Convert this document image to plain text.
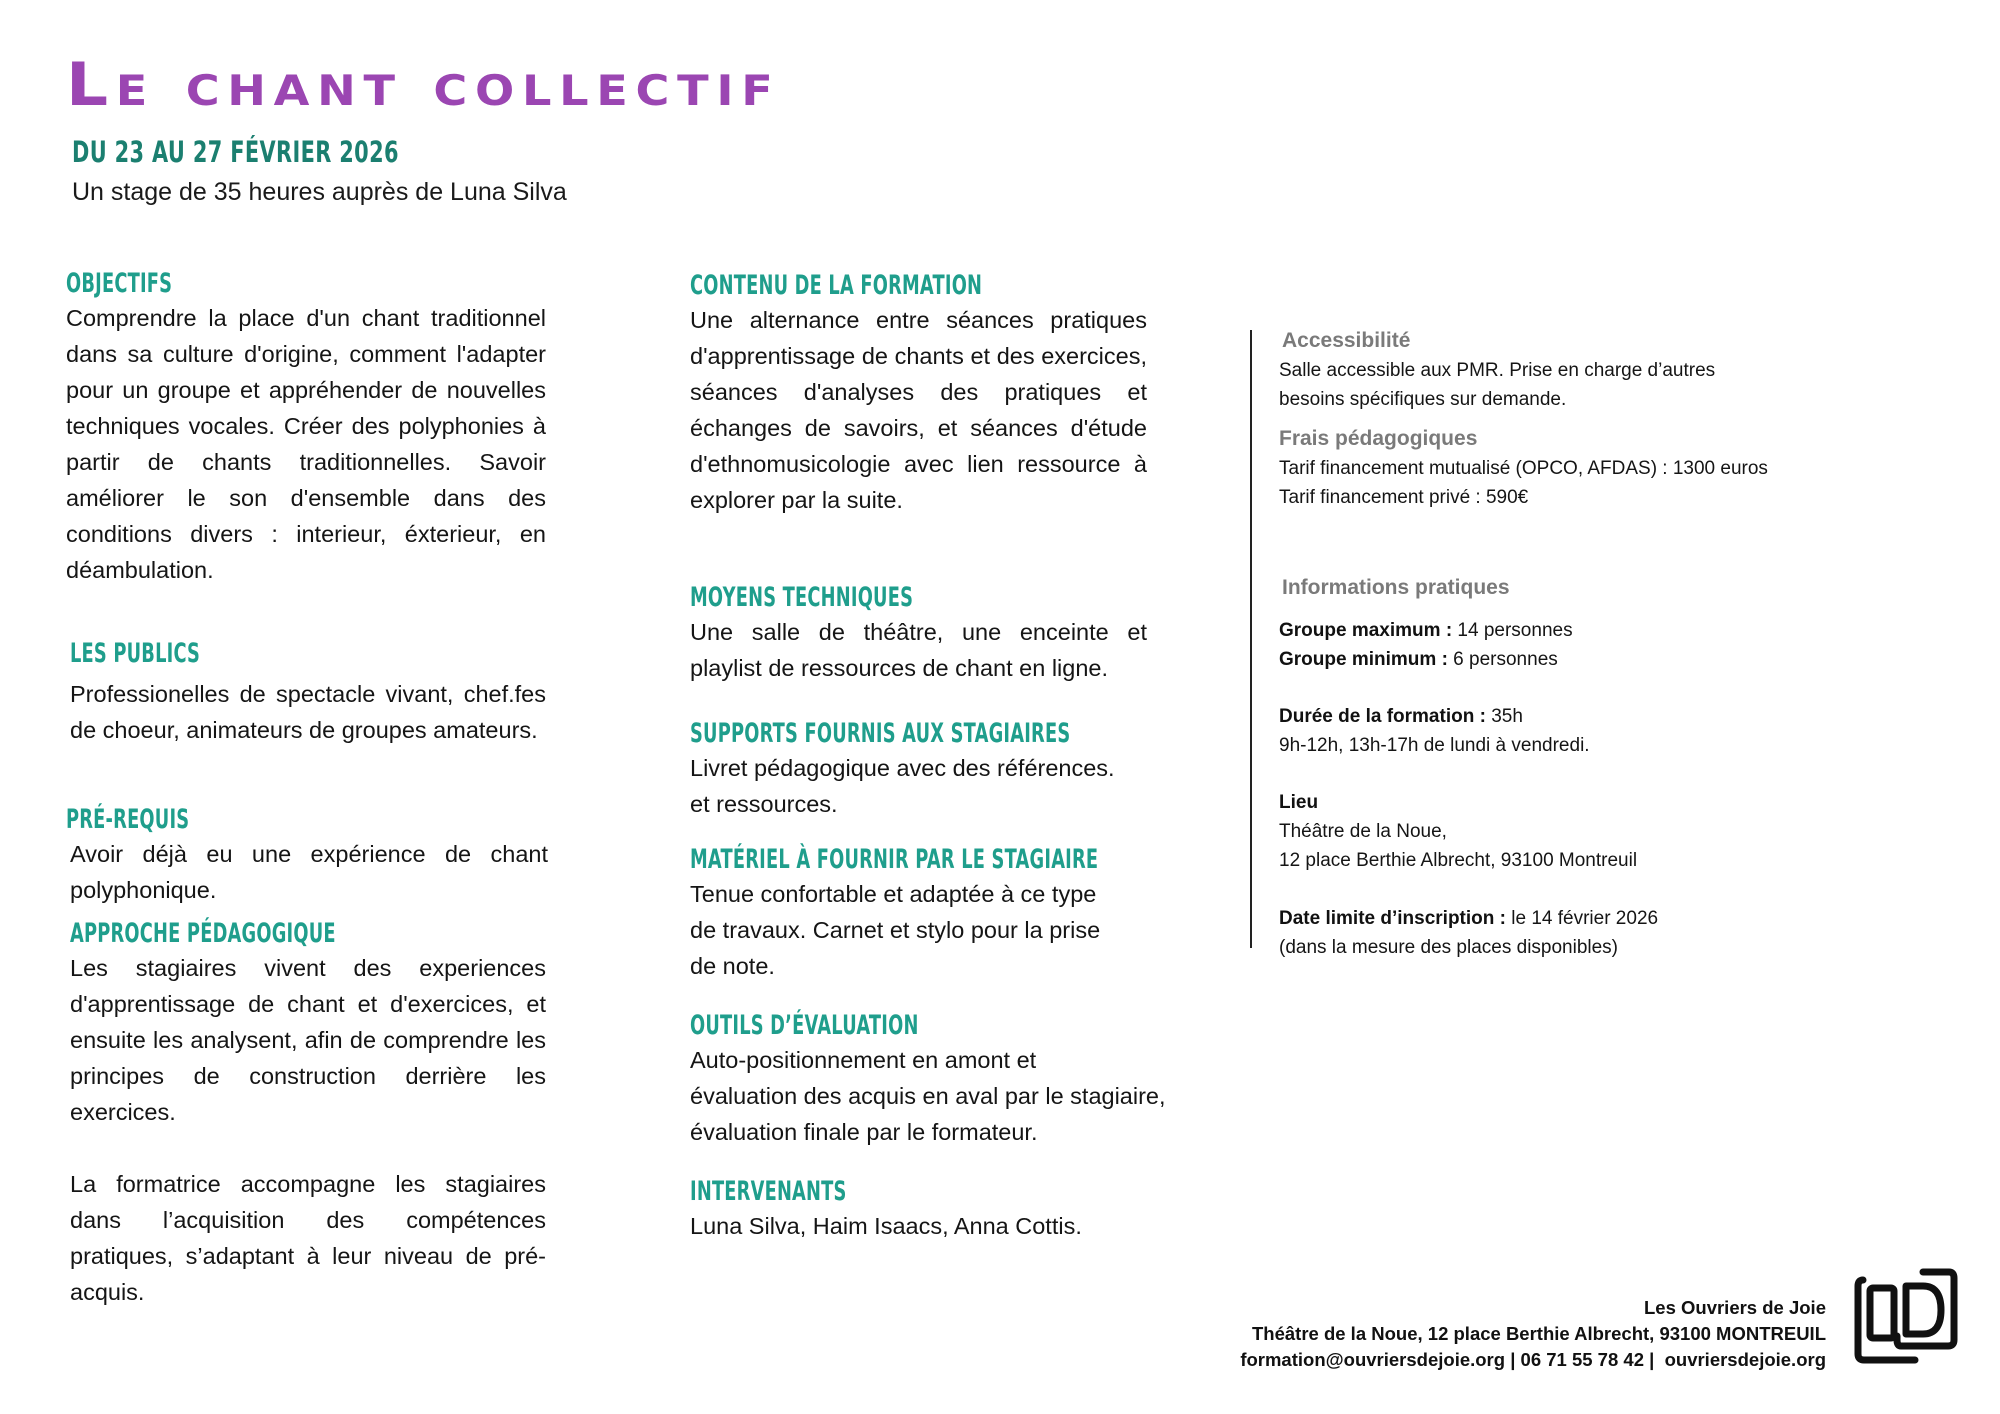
Le chant collectif
DU 23 AU 27 FÉVRIER 2026
Un stage de 35 heures auprès de Luna Silva
OBJECTIFS

Comprendre la place d'un chant traditionnel dans sa culture d'origine, comment l'adapter pour un groupe et appréhender de nouvelles techniques vocales. Créer des polyphonies à partir de chants traditionnelles. Savoir améliorer le son d'ensemble dans des conditions divers : interieur, éxterieur, en déambulation.

LES PUBLICS

Professionelles de spectacle vivant, chef.fes de choeur, animateurs de groupes amateurs.

PRÉ-REQUIS

Avoir déjà eu une expérience de chant polyphonique.

APPROCHE PÉDAGOGIQUE

Les stagiaires vivent des experiences d'apprentissage de chant et d'exercices, et ensuite les analysent, afin de comprendre les principes de construction derrière les exercices.

La formatrice accompagne les stagiaires dans l’acquisition des compétences pratiques, s’adaptant à leur niveau de pré-acquis.

CONTENU DE LA FORMATION

Une alternance entre séances pratiques d'apprentissage de chants et des exercices, séances d'analyses des pratiques et échanges de savoirs, et séances d'étude d'ethnomusicologie avec lien ressource à explorer par la suite.

MOYENS TECHNIQUES

Une salle de théâtre, une enceinte et playlist de ressources de chant en ligne.

SUPPORTS FOURNIS AUX STAGIAIRES

Livret pédagogique avec des références.
et ressources.

MATÉRIEL À FOURNIR PAR LE STAGIAIRE

Tenue confortable et adaptée à ce type
de travaux. Carnet et stylo pour la prise
de note.

OUTILS D’ÉVALUATION

Auto-positionnement en amont et
évaluation des acquis en aval par le stagiaire,
évaluation finale par le formateur.

INTERVENANTS

Luna Silva, Haim Isaacs, Anna Cottis.

Accessibilité
Salle accessible aux PMR. Prise en charge d’autres
besoins spécifiques sur demande.
Frais pédagogiques
Tarif financement mutualisé (OPCO, AFDAS) : 1300 euros
Tarif financement privé : 590€
Informations pratiques
Groupe maximum : 14 personnes
Groupe minimum : 6 personnes
Durée de la formation : 35h
9h-12h, 13h-17h de lundi à vendredi.
Lieu
Théâtre de la Noue,
12 place Berthie Albrecht, 93100 Montreuil
Date limite d’inscription : le 14 février 2026
(dans la mesure des places disponibles)
Les Ouvriers de Joie
Théâtre de la Noue, 12 place Berthie Albrecht, 93100 MONTREUIL
formation@ouvriersdejoie.org | 06 71 55 78 42 |  ouvriersdejoie.org
